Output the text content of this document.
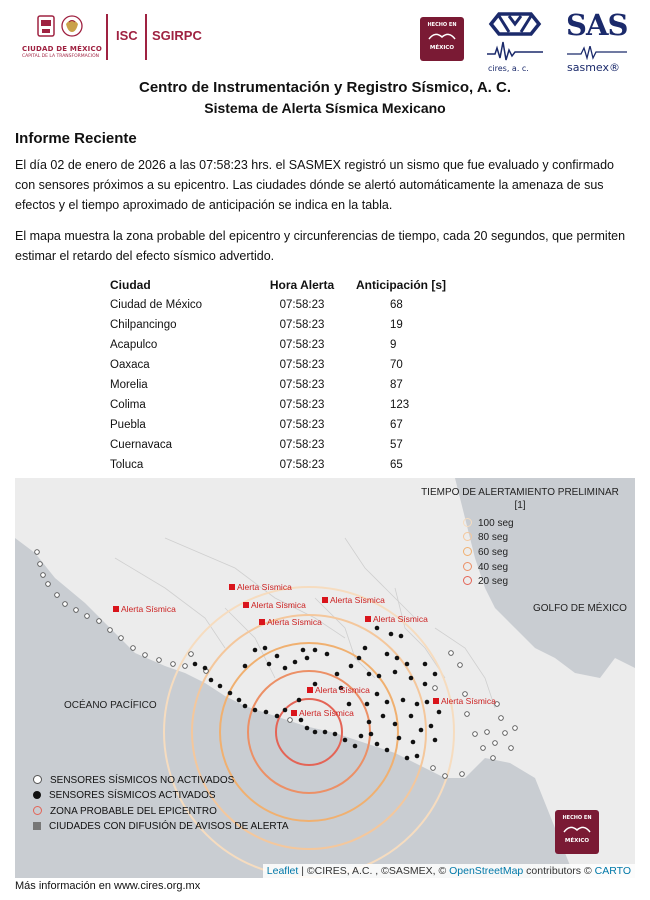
CIUDAD DE MÉXICO
CAPITAL DE LA TRANSFORMACIÓN
ISC SGIRPC
HECHO EN
MÉXICO
cires, a. c.
SAS
sasmex®
Centro de Instrumentación y Registro Sísmico, A. C.
Sistema de Alerta Sísmica Mexicano
Informe Reciente
El día 02 de enero de 2026 a las 07:58:23 hrs. el SASMEX registró un sismo que fue evaluado y confirmado con sensores próximos a su epicentro. Las ciudades dónde se alertó automáticamente la amenaza de sus efectos y el tiempo aproximado de anticipación se indica en la tabla.
El mapa muestra la zona probable del epicentro y circunferencias de tiempo, cada 20 segundos, que permiten estimar el retardo del efecto sísmico advertido.
Ciudad	Hora Alerta	Anticipación [s]
Ciudad de México	07:58:23	68
Chilpancingo	07:58:23	19
Acapulco	07:58:23	9
Oaxaca	07:58:23	70
Morelia	07:58:23	87
Colima	07:58:23	123
Puebla	07:58:23	67
Cuernavaca	07:58:23	57
Toluca	07:58:23	65
OCÉANO PACÍFICO
GOLFO DE MÉXICO
Alerta Sísmica
Alerta Sísmica
Alerta Sísmica
Alerta Sísmica
Alerta Sísmica
Alerta Sísmica
Alerta Sísmica
Alerta Sísmica
Alerta Sísmica
TIEMPO DE ALERTAMIENTO PRELIMINAR [1]
100 seg
80 seg
60 seg
40 seg
20 seg
SENSORES SÍSMICOS NO ACTIVADOS
SENSORES SÍSMICOS ACTIVADOS
ZONA PROBABLE DEL EPICENTRO
CIUDADES CON DIFUSIÓN DE AVISOS DE ALERTA
HECHO EN
MÉXICO
Leaflet | ©CIRES, A.C. , ©SASMEX, © OpenStreetMap contributors © CARTO
Más información en www.cires.org.mx
